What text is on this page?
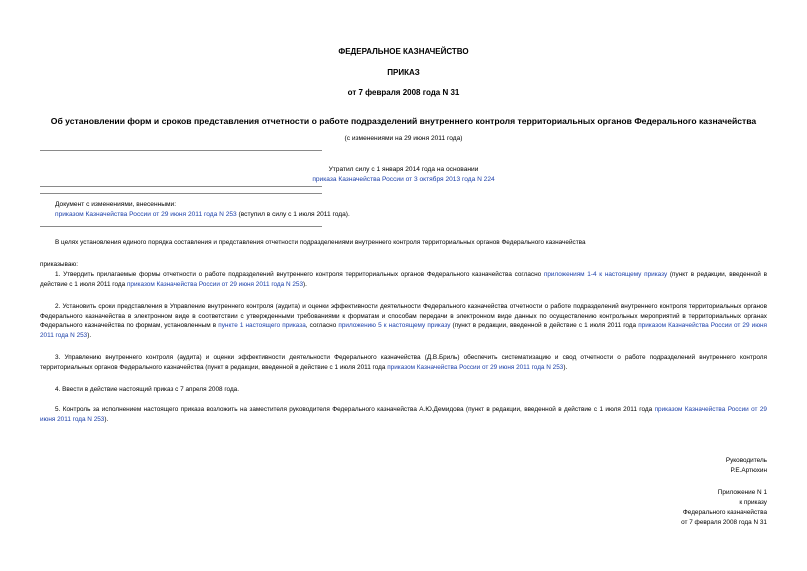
ФЕДЕРАЛЬНОЕ КАЗНАЧЕЙСТВО
ПРИКАЗ
от 7 февраля 2008 года N 31
Об установлении форм и сроков представления отчетности о работе подразделений внутреннего контроля территориальных органов Федерального казначейства
(с изменениями на 29 июня 2011 года)
Утратил силу с 1 января 2014 года на основании
приказа Казначейства России от 3 октября 2013 года N 224
Документ с изменениями, внесенными:
приказом Казначейства России от 29 июня 2011 года N 253 (вступил в силу с 1 июля 2011 года).
В целях установления единого порядка составления и представления отчетности подразделениями внутреннего контроля территориальных органов Федерального казначейства
приказываю:
1. Утвердить прилагаемые формы отчетности о работе подразделений внутреннего контроля территориальных органов Федерального казначейства согласно приложениям 1-4 к настоящему приказу (пункт в редакции, введенной в действие с 1 июля 2011 года приказом Казначейства России от 29 июня 2011 года N 253).
2. Установить сроки представления в Управление внутреннего контроля (аудита) и оценки эффективности деятельности Федерального казначейства отчетности о работе подразделений внутреннего контроля территориальных органов Федерального казначейства в электронном виде в соответствии с утвержденными требованиями к форматам и способам передачи в электронном виде данных по осуществлению контрольных мероприятий в территориальных органах Федерального казначейства по формам, установленным в пункте 1 настоящего приказа, согласно приложению 5 к настоящему приказу (пункт в редакции, введенной в действие с 1 июля 2011 года приказом Казначейства России от 29 июня 2011 года N 253).
3. Управлению внутреннего контроля (аудита) и оценки эффективности деятельности Федерального казначейства (Д.В.Бриль) обеспечить систематизацию и свод отчетности о работе подразделений внутреннего контроля территориальных органов Федерального казначейства (пункт в редакции, введенной в действие с 1 июля 2011 года приказом Казначейства России от 29 июня 2011 года N 253).
4. Ввести в действие настоящий приказ с 7 апреля 2008 года.
5. Контроль за исполнением настоящего приказа возложить на заместителя руководителя Федерального казначейства А.Ю.Демидова (пункт в редакции, введенной в действие с 1 июля 2011 года приказом Казначейства России от 29 июня 2011 года N 253).
Руководитель
Р.Е.Артюхин
Приложение N 1
к приказу
Федерального казначейства
от 7 февраля 2008 года N 31
